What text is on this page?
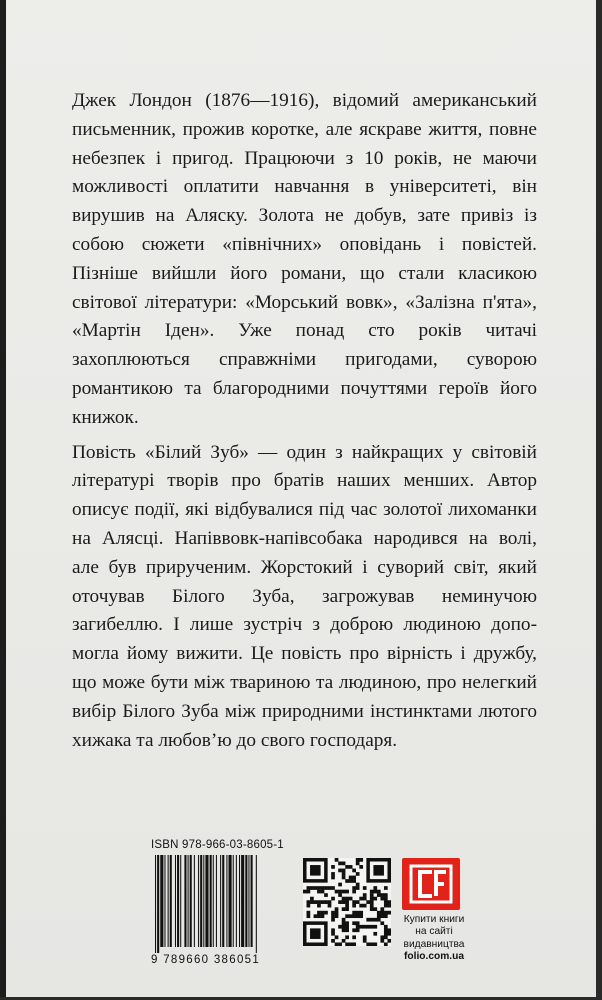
Джек Лондон (1876—1916), відомий американський письменник, прожив коротке, але яскраве життя, повне небезпек і пригод. Працюючи з 10 років, не маючи можливості оплатити навчання в університеті, він вирушив на Аляску. Золота не добув, зате привіз із собою сюжети «північних» оповідань і повістей. Пізніше вийшли його романи, що стали класикою світової літератури: «Морський вовк», «Залізна п'ята», «Мартін Іден». Уже понад сто років читачі захоплюються справжніми пригодами, суворою романтикою та благородними почуттями героїв його книжок.

Повість «Білий Зуб» — один з найкращих у світовій літературі творів про братів наших менших. Автор описує події, які відбувалися під час золотої лихоманки на Алясці. Напіввовк-напівсобака народився на волі, але був прирученим. Жорстокий і суворий світ, який оточував Білого Зуба, загрожував неминучою загибеллю. І лише зустріч з доброю людиною допо-могла йому вижити. Це повість про вірність і дружбу, що може бути між твариною та людиною, про нелегкий вибір Білого Зуба між природними інстинктами лютого хижака та любов’ю до свого господаря.

ISBN 978-966-03-8605-1
9 789660 386051
Купити книги
на сайті
видавництва
folio.com.ua
